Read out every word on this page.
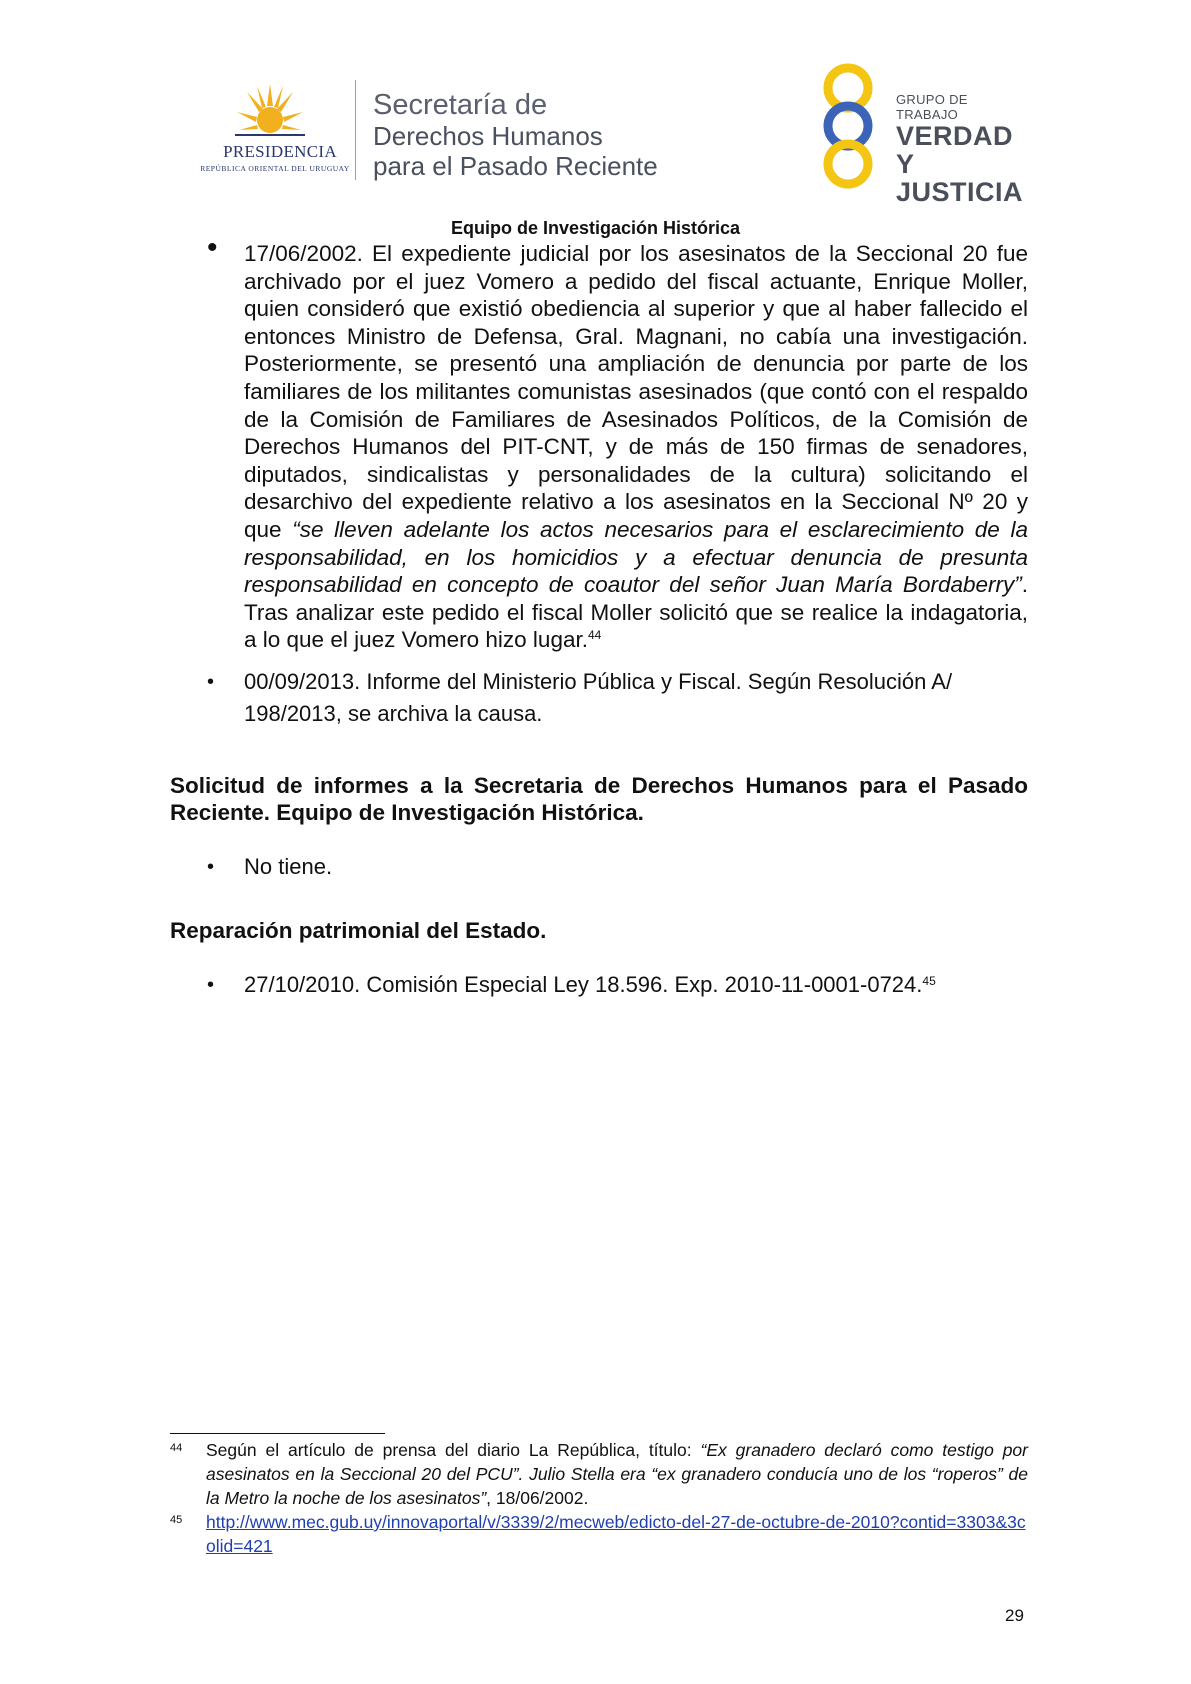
PRESIDENCIA
REPÚBLICA ORIENTAL DEL URUGUAY
Secretaría de
Derechos Humanos
para el Pasado Reciente
GRUPO DE TRABAJO
VERDAD Y
JUSTICIA
Equipo de Investigación Histórica

• 17/06/2002. El expediente judicial por los asesinatos de la Seccional 20 fue archivado por el juez Vomero a pedido del fiscal actuante, Enrique Moller, quien consideró que existió obediencia al superior y que al haber fallecido el entonces Ministro de Defensa, Gral. Magnani, no cabía una investigación. Posteriormente, se presentó una ampliación de denuncia por parte de los familiares de los militantes comunistas asesinados (que contó con el respaldo de la Comisión de Familiares de Asesinados Políticos, de la Comisión de Derechos Humanos del PIT-CNT, y de más de 150 firmas de senadores, diputados, sindicalistas y personalidades de la cultura) solicitando el desarchivo del expediente relativo a los asesinatos en la Seccional Nº 20 y que “se lleven adelante los actos necesarios para el esclarecimiento de la responsabilidad, en los homicidios y a efectuar denuncia de presunta responsabilidad en concepto de coautor del señor Juan María Bordaberry”. Tras analizar este pedido el fiscal Moller solicitó que se realice la indagatoria, a lo que el juez Vomero hizo lugar.$^{44}$

• 00/09/2013. Informe del Ministerio Pública y Fiscal. Según Resolución A/ 198/2013, se archiva la causa.

Solicitud de informes a la Secretaria de Derechos Humanos para el Pasado Reciente. Equipo de Investigación Histórica.

• No tiene.

Reparación patrimonial del Estado.

• 27/10/2010. Comisión Especial Ley 18.596. Exp. 2010-11-0001-0724.45

44 Según el artículo de prensa del diario La República, título: “Ex granadero declaró como testigo por asesinatos en la Seccional 20 del PCU”. Julio Stella era “ex granadero conducía uno de los “roperos” de la Metro la noche de los asesinatos”, 18/06/2002.
45 http://www.mec.gub.uy/innovaportal/v/3339/2/mecweb/edicto-del-27-de-octubre-de-2010?contid=3303&3colid=421
29
